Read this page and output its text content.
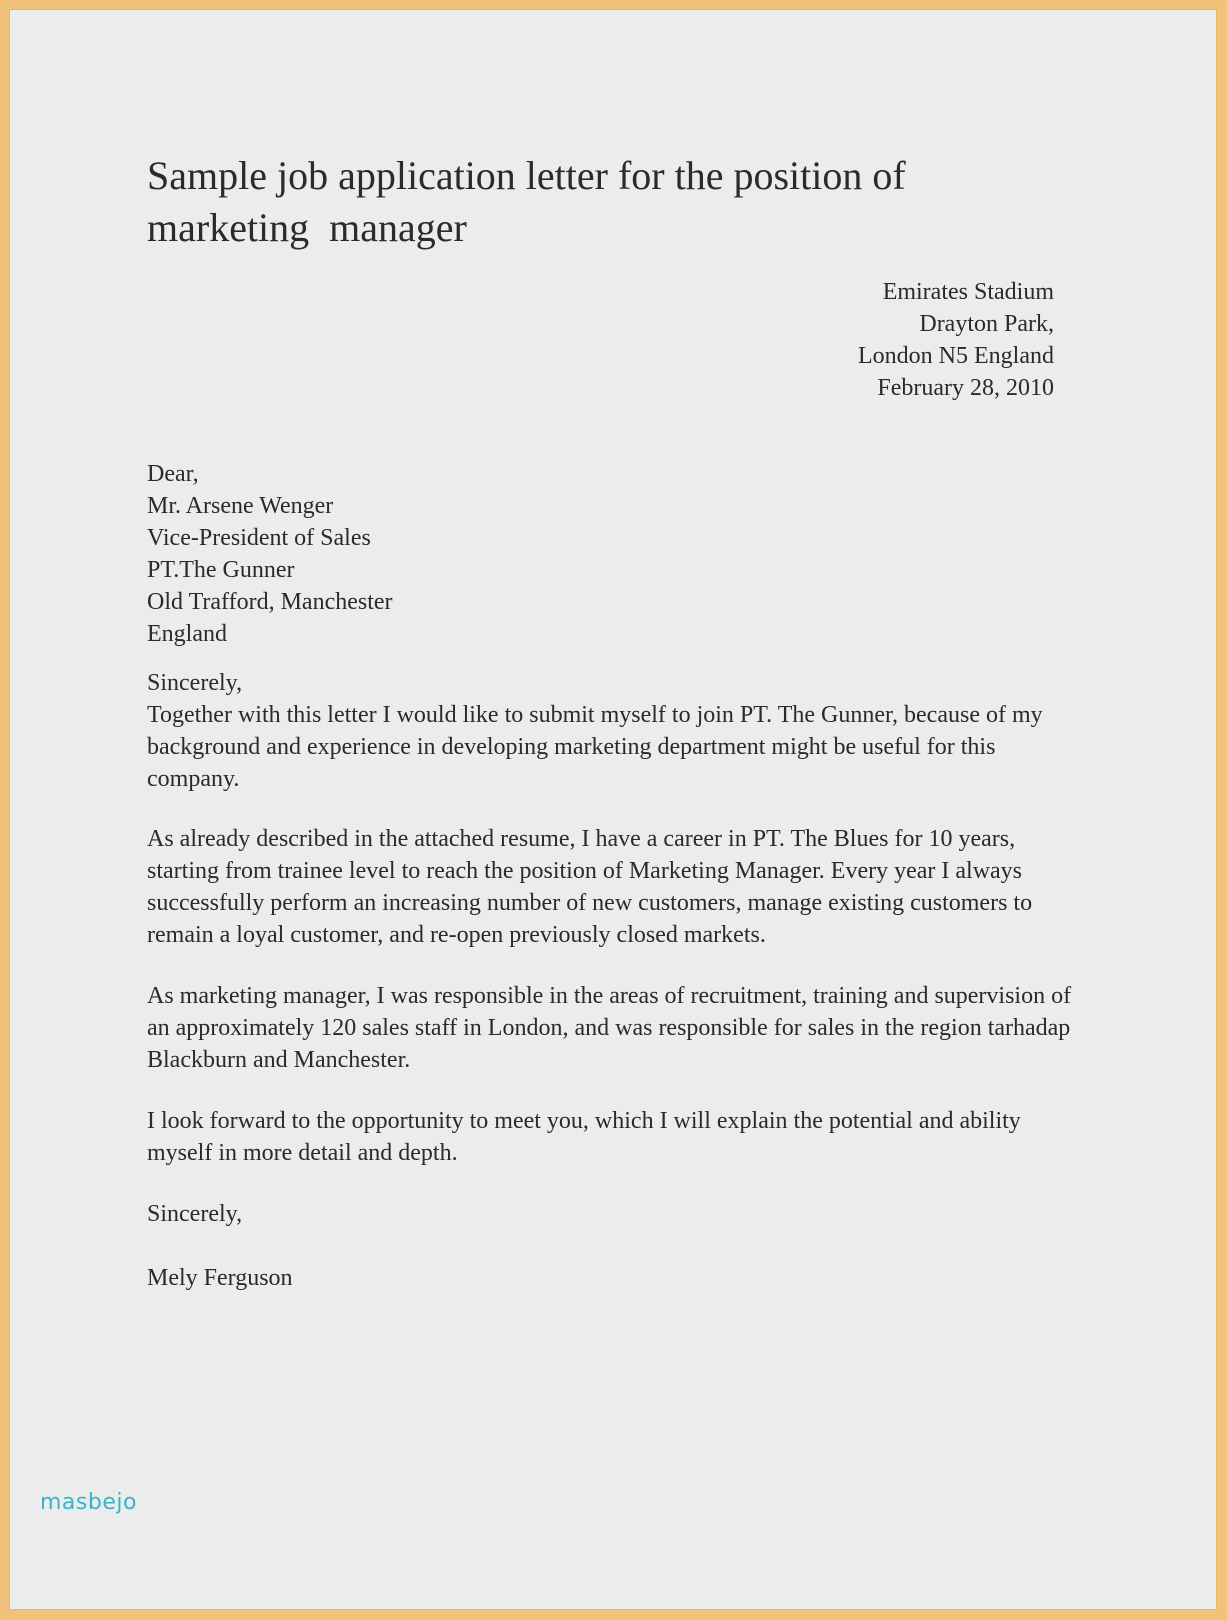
Sample job application letter for the position of
marketing  manager
Emirates Stadium
Drayton Park,
London N5 England
February 28, 2010
Dear,
Mr. Arsene Wenger
Vice-President of Sales
PT.The Gunner
Old Trafford, Manchester
England
Sincerely,
Together with this letter I would like to submit myself to join PT. The Gunner, because of my
background and experience in developing marketing department might be useful for this
company.
As already described in the attached resume, I have a career in PT. The Blues for 10 years,
starting from trainee level to reach the position of Marketing Manager. Every year I always
successfully perform an increasing number of new customers, manage existing customers to
remain a loyal customer, and re-open previously closed markets.
As marketing manager, I was responsible in the areas of recruitment, training and supervision of
an approximately 120 sales staff in London, and was responsible for sales in the region tarhadap
Blackburn and Manchester.
I look forward to the opportunity to meet you, which I will explain the potential and ability
myself in more detail and depth.
Sincerely,
Mely Ferguson
masbejo
